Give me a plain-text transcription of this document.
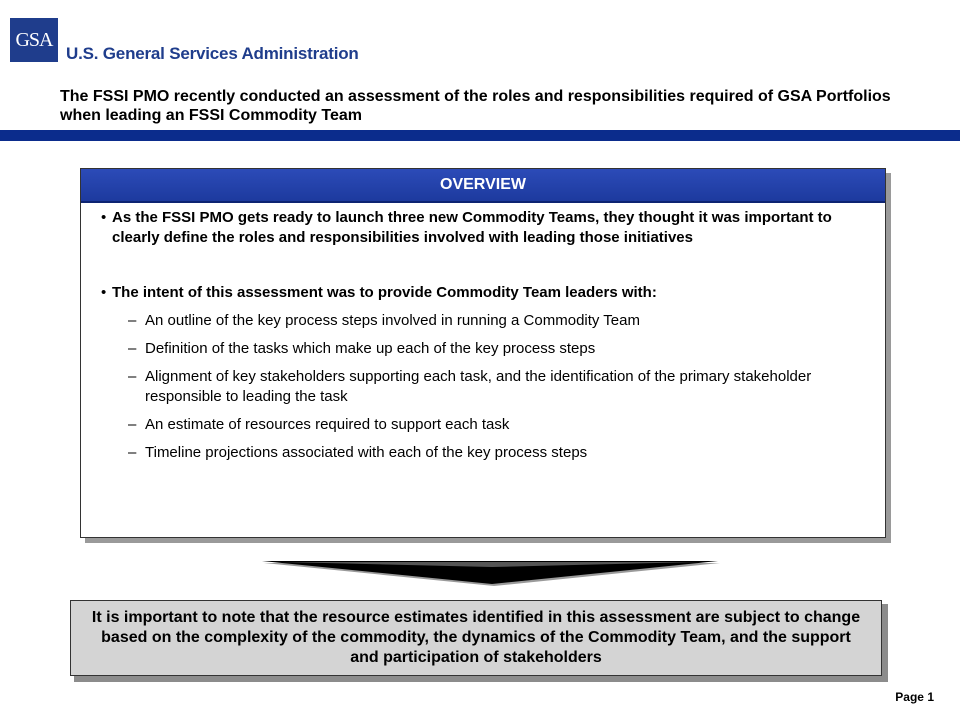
GSA
U.S. General Services Administration
The FSSI PMO recently conducted an assessment of the roles and responsibilities required of GSA Portfolios when leading an FSSI Commodity Team
OVERVIEW
• As the FSSI PMO gets ready to launch three new Commodity Teams, they thought it was important to clearly define the roles and responsibilities involved with leading those initiatives
• The intent of this assessment was to provide Commodity Team leaders with:
– An outline of the key process steps involved in running a Commodity Team
– Definition of the tasks which make up each of the key process steps
– Alignment of key stakeholders supporting each task, and the identification of the primary stakeholder responsible to leading the task
– An estimate of resources required to support each task
– Timeline projections associated with each of the key process steps
It is important to note that the resource estimates identified in this assessment are subject to change based on the complexity of the commodity, the dynamics of the Commodity Team, and the support and participation of stakeholders
Page 1
